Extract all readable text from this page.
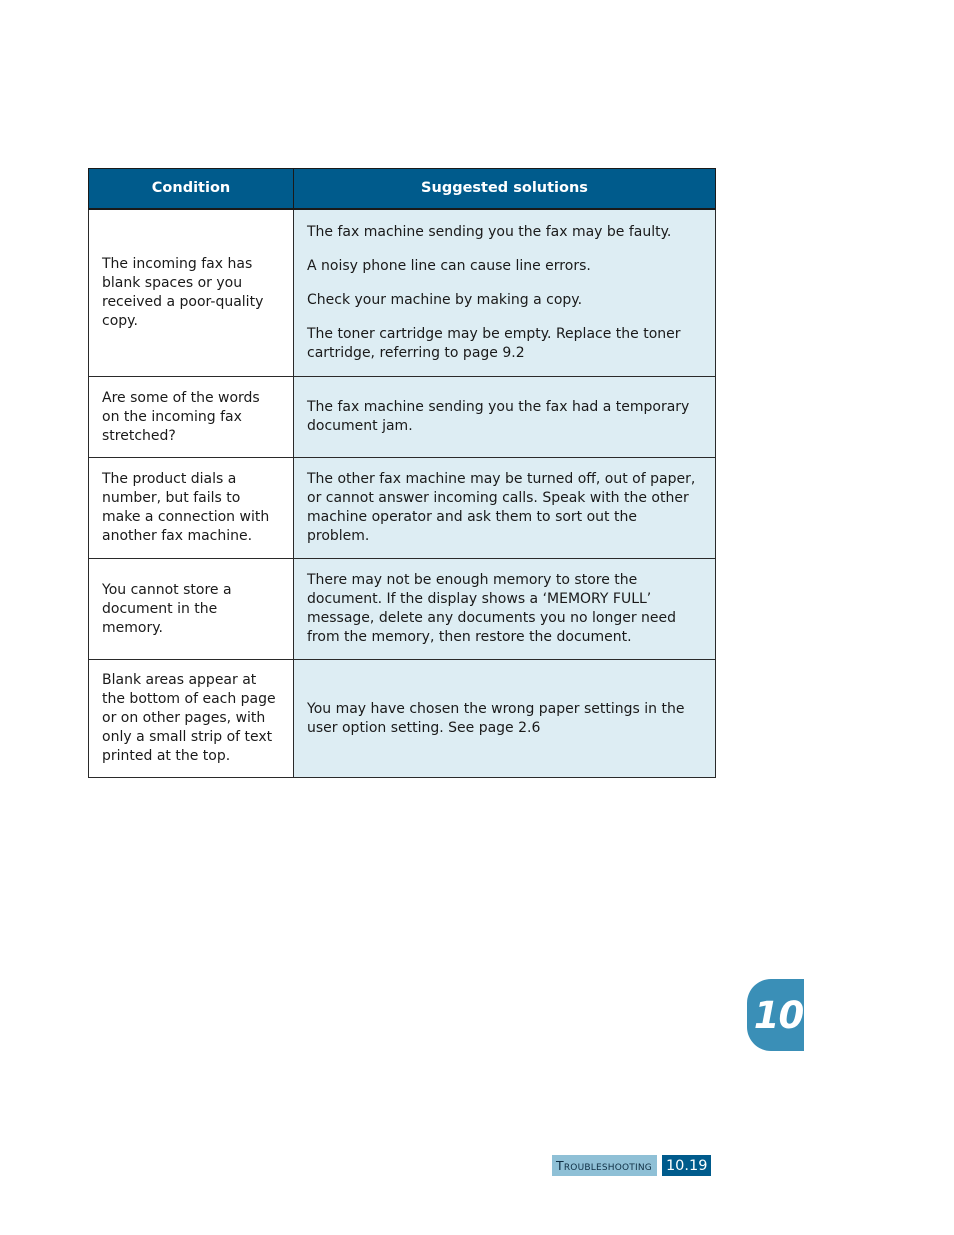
Condition	Suggested solutions
The incoming fax has blank spaces or you received a poor-quality copy.	The fax machine sending you the fax may be faulty.

A noisy phone line can cause line errors.

Check your machine by making a copy.

The toner cartridge may be empty. Replace the toner cartridge, referring to page 9.2

Are some of the words on the incoming fax stretched?	The fax machine sending you the fax had a temporary document jam.

The product dials a number, but fails to make a connection with another fax machine.	The other fax machine may be turned off, out of paper, or cannot answer incoming calls. Speak with the other machine operator and ask them to sort out the problem.

You cannot store a document in the memory.	There may not be enough memory to store the document. If the display shows a ‘MEMORY FULL’ message, delete any documents you no longer need from the memory, then restore the document.

Blank areas appear at the bottom of each page or on other pages, with only a small strip of text printed at the top.	You may have chosen the wrong paper settings in the user option setting. See page 2.6

10
Troubleshooting 10.19
